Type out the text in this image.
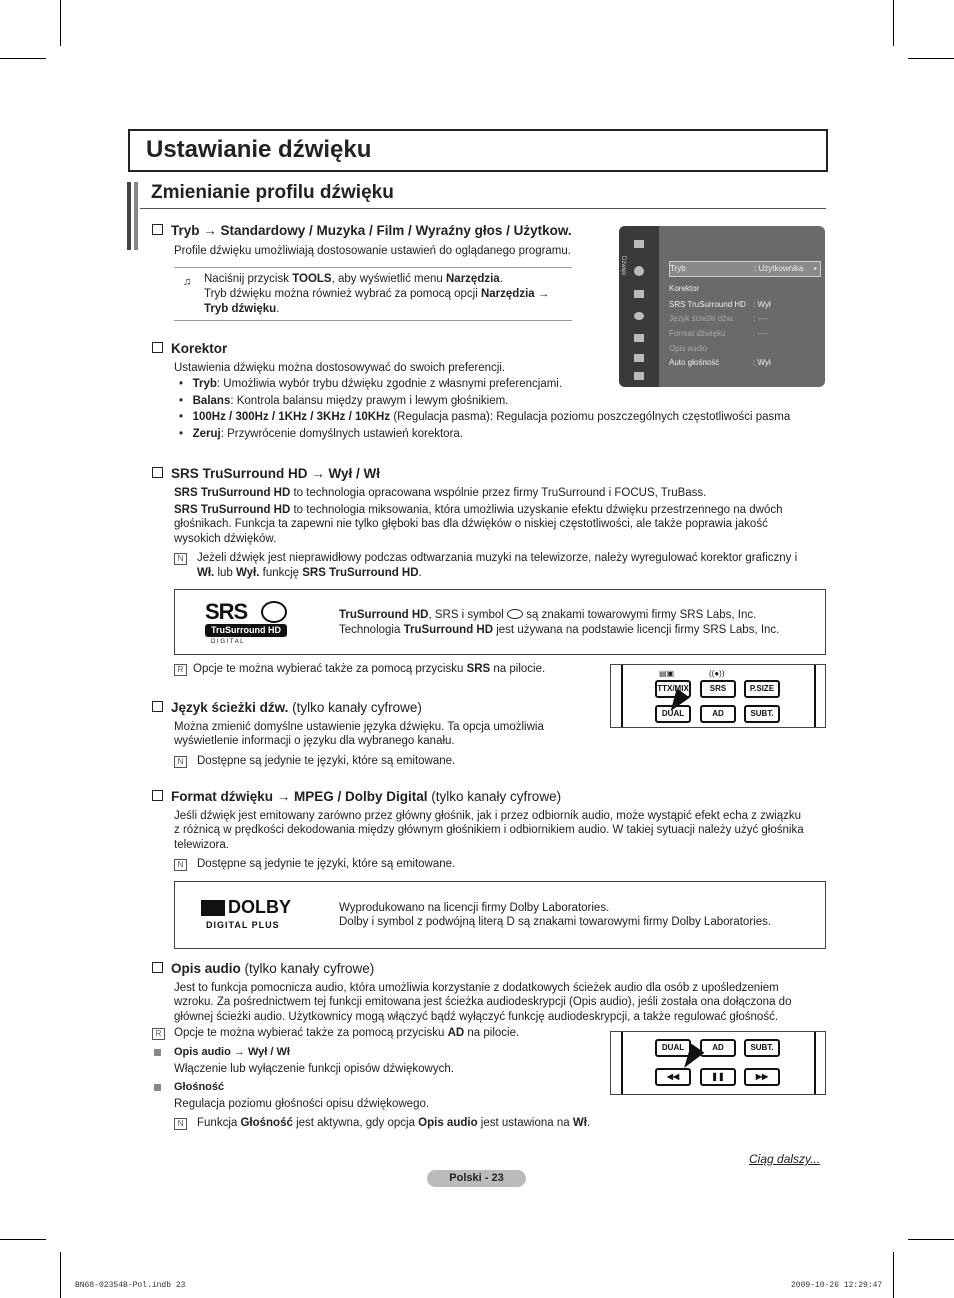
Ustawianie dźwięku
Zmienianie profilu dźwięku
Tryb → Standardowy / Muzyka / Film / Wyraźny głos / Użytkow.
Profile dźwięku umożliwiają dostosowanie ustawień do oglądanego programu.
♫ Naciśnij przycisk TOOLS, aby wyświetlić menu Narzędzia.
Tryb dźwięku można również wybrać za pomocą opcji Narzędzia →
Tryb dźwięku.
Dźwięk	Tryb	: Użytkownika ▸
Korektor
SRS TruSurround HD : Wył
Język ścieżki dźw. : ----
Format dźwięku	: ----
Opis audio
Auto głośność	: Wył
Korektor
Ustawienia dźwięku można dostosowywać do swoich preferencji.
•   Tryb: Umożliwia wybór trybu dźwięku zgodnie z własnymi preferencjami.
•   Balans: Kontrola balansu między prawym i lewym głośnikiem.
•   100Hz / 300Hz / 1KHz / 3KHz / 10KHz (Regulacja pasma): Regulacja poziomu poszczególnych częstotliwości pasma
•   Zeruj: Przywrócenie domyślnych ustawień korektora.
SRS TruSurround HD → Wył / Wł
SRS TruSurround HD to technologia opracowana wspólnie przez firmy TruSurround i FOCUS, TruBass.
SRS TruSurround HD to technologia miksowania, która umożliwia uzyskanie efektu dźwięku przestrzennego na dwóch
głośnikach. Funkcja ta zapewni nie tylko głęboki bas dla dźwięków o niskiej częstotliwości, ale także poprawia jakość
wysokich dźwięków.
N	Jeżeli dźwięk jest nieprawidłowy podczas odtwarzania muzyki na telewizorze, należy wyregulować korektor graficzny i
Wł. lub Wył. funkcję SRS TruSurround HD.
SRS
TruSurround HD
D I G I T A L
TruSurround HD, SRS i symbol  są znakami towarowymi firmy SRS Labs, Inc.
Technologia TruSurround HD jest używana na podstawie licencji firmy SRS Labs, Inc.
R Opcje te można wybierać także za pomocą przycisku SRS na pilocie.	▤▣	((●))
TTX/MIX	SRS	P.SIZE
DUAL	AD	SUBT.
Język ścieżki dźw. (tylko kanały cyfrowe)
Można zmienić domyślne ustawienie języka dźwięku. Ta opcja umożliwia
wyświetlenie informacji o języku dla wybranego kanału.
N	Dostępne są jedynie te języki, które są emitowane.
Format dźwięku → MPEG / Dolby Digital (tylko kanały cyfrowe)
Jeśli dźwięk jest emitowany zarówno przez główny głośnik, jak i przez odbiornik audio, może wystąpić efekt echa z związku
z różnicą w prędkości dekodowania między głównym głośnikiem i odbiornikiem audio. W takiej sytuacji należy użyć głośnika
telewizora.
N	Dostępne są jedynie te języki, które są emitowane.
DOLBY
DIGITAL PLUS
Wyprodukowano na licencji firmy Dolby Laboratories.
Dolby i symbol z podwójną literą D są znakami towarowymi firmy Dolby Laboratories.
Opis audio (tylko kanały cyfrowe)
Jest to funkcja pomocnicza audio, która umożliwia korzystanie z dodatkowych ścieżek audio dla osób z upośledzeniem
wzroku. Za pośrednictwem tej funkcji emitowana jest ścieżka audiodeskrypcji (Opis audio), jeśli została ona dołączona do
głównej ścieżki audio. Użytkownicy mogą włączyć bądź wyłączyć funkcję audiodeskrypcji, a także regulować głośność.
R	Opcje te można wybierać także za pomocą przycisku AD na pilocie.
Opis audio → Wył / Wł
Włączenie lub wyłączenie funkcji opisów dźwiękowych.
Głośność
Regulacja poziomu głośności opisu dźwiękowego.
N	Funkcja Głośność jest aktywna, gdy opcja Opis audio jest ustawiona na Wł.
DUAL	AD	SUBT.
◀◀	❚❚	▶▶
Ciąg dalszy...
Polski - 23
BN68-02354B-Pol.indb 23	2009-10-26 12:29:47
